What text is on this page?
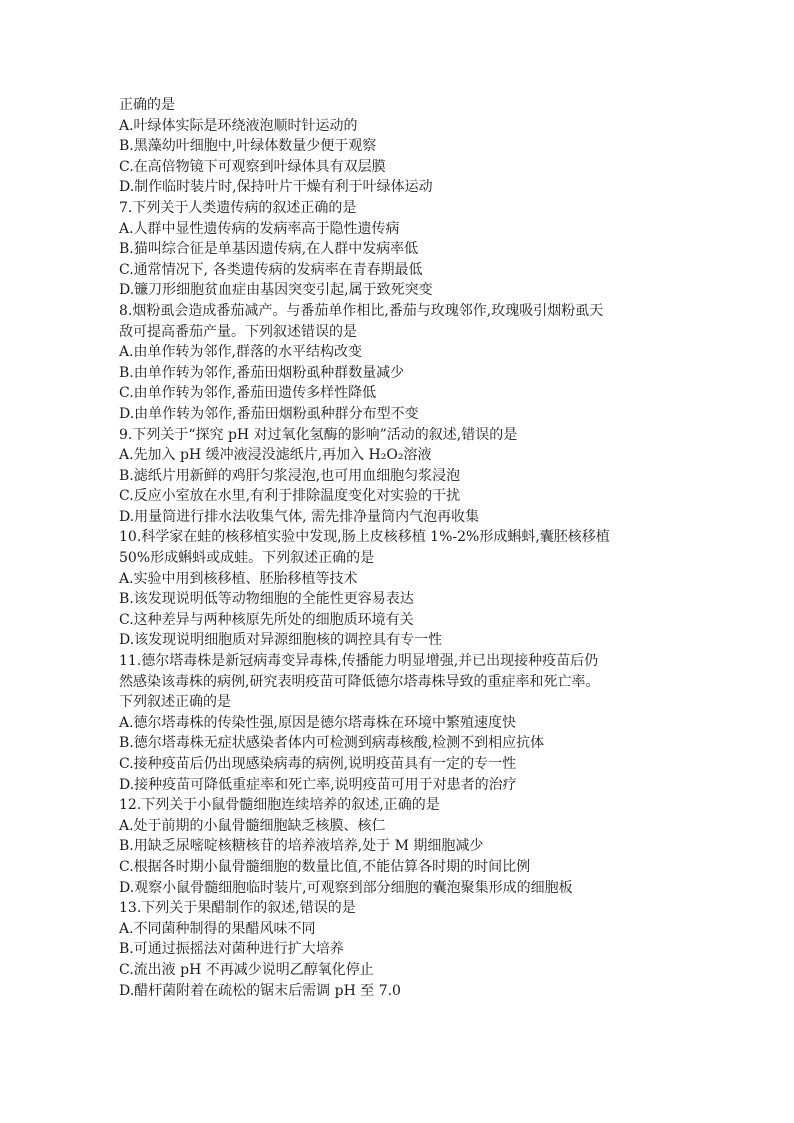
正确的是
A.叶绿体实际是环绕液泡顺时针运动的
B.黑藻幼叶细胞中,叶绿体数量少便于观察
C.在高倍物镜下可观察到叶绿体具有双层膜
D.制作临时装片时,保持叶片干燥有利于叶绿体运动
7.下列关于人类遗传病的叙述正确的是
A.人群中显性遗传病的发病率高于隐性遗传病
B.猫叫综合征是单基因遗传病,在人群中发病率低
C.通常情况下, 各类遗传病的发病率在青春期最低
D.镰刀形细胞贫血症由基因突变引起,属于致死突变
8.烟粉虱会造成番茄减产。与番茄单作相比,番茄与玫瑰邻作,玫瑰吸引烟粉虱天
敌可提高番茄产量。下列叙述错误的是
A.由单作转为邻作,群落的水平结构改变
B.由单作转为邻作,番茄田烟粉虱种群数量减少
C.由单作转为邻作,番茄田遗传多样性降低
D.由单作转为邻作,番茄田烟粉虱种群分布型不变
9.下列关于“探究 pH 对过氧化氢酶的影响”活动的叙述,错误的是
A.先加入 pH 缓冲液浸没滤纸片,再加入 H₂O₂溶液
B.滤纸片用新鲜的鸡肝匀浆浸泡,也可用血细胞匀浆浸泡
C.反应小室放在水里,有利于排除温度变化对实验的干扰
D.用量筒进行排水法收集气体, 需先排净量筒内气泡再收集
10.科学家在蛙的核移植实验中发现,肠上皮核移植 1%-2%形成蝌蚪,囊胚核移植
50%形成蝌蚪或成蛙。下列叙述正确的是
A.实验中用到核移植、胚胎移植等技术
B.该发现说明低等动物细胞的全能性更容易表达
C.这种差异与两种核原先所处的细胞质环境有关
D.该发现说明细胞质对异源细胞核的调控具有专一性
11.德尔塔毒株是新冠病毒变异毒株,传播能力明显增强,并已出现接种疫苗后仍
然感染该毒株的病例,研究表明疫苗可降低德尔塔毒株导致的重症率和死亡率。
下列叙述正确的是
A.德尔塔毒株的传染性强,原因是德尔塔毒株在环境中繁殖速度快
B.德尔塔毒株无症状感染者体内可检测到病毒核酸,检测不到相应抗体
C.接种疫苗后仍出现感染病毒的病例,说明疫苗具有一定的专一性
D.接种疫苗可降低重症率和死亡率,说明疫苗可用于对患者的治疗
12.下列关于小鼠骨髓细胞连续培养的叙述,正确的是
A.处于前期的小鼠骨髓细胞缺乏核膜、核仁
B.用缺乏尿嘧啶核糖核苷的培养液培养,处于 M 期细胞减少
C.根据各时期小鼠骨髓细胞的数量比值,不能估算各时期的时间比例
D.观察小鼠骨髓细胞临时装片,可观察到部分细胞的囊泡聚集形成的细胞板
13.下列关于果醋制作的叙述,错误的是
A.不同菌种制得的果醋风味不同
B.可通过振摇法对菌种进行扩大培养
C.流出液 pH 不再减少说明乙醇氧化停止
D.醋杆菌附着在疏松的锯末后需调 pH 至 7.0
